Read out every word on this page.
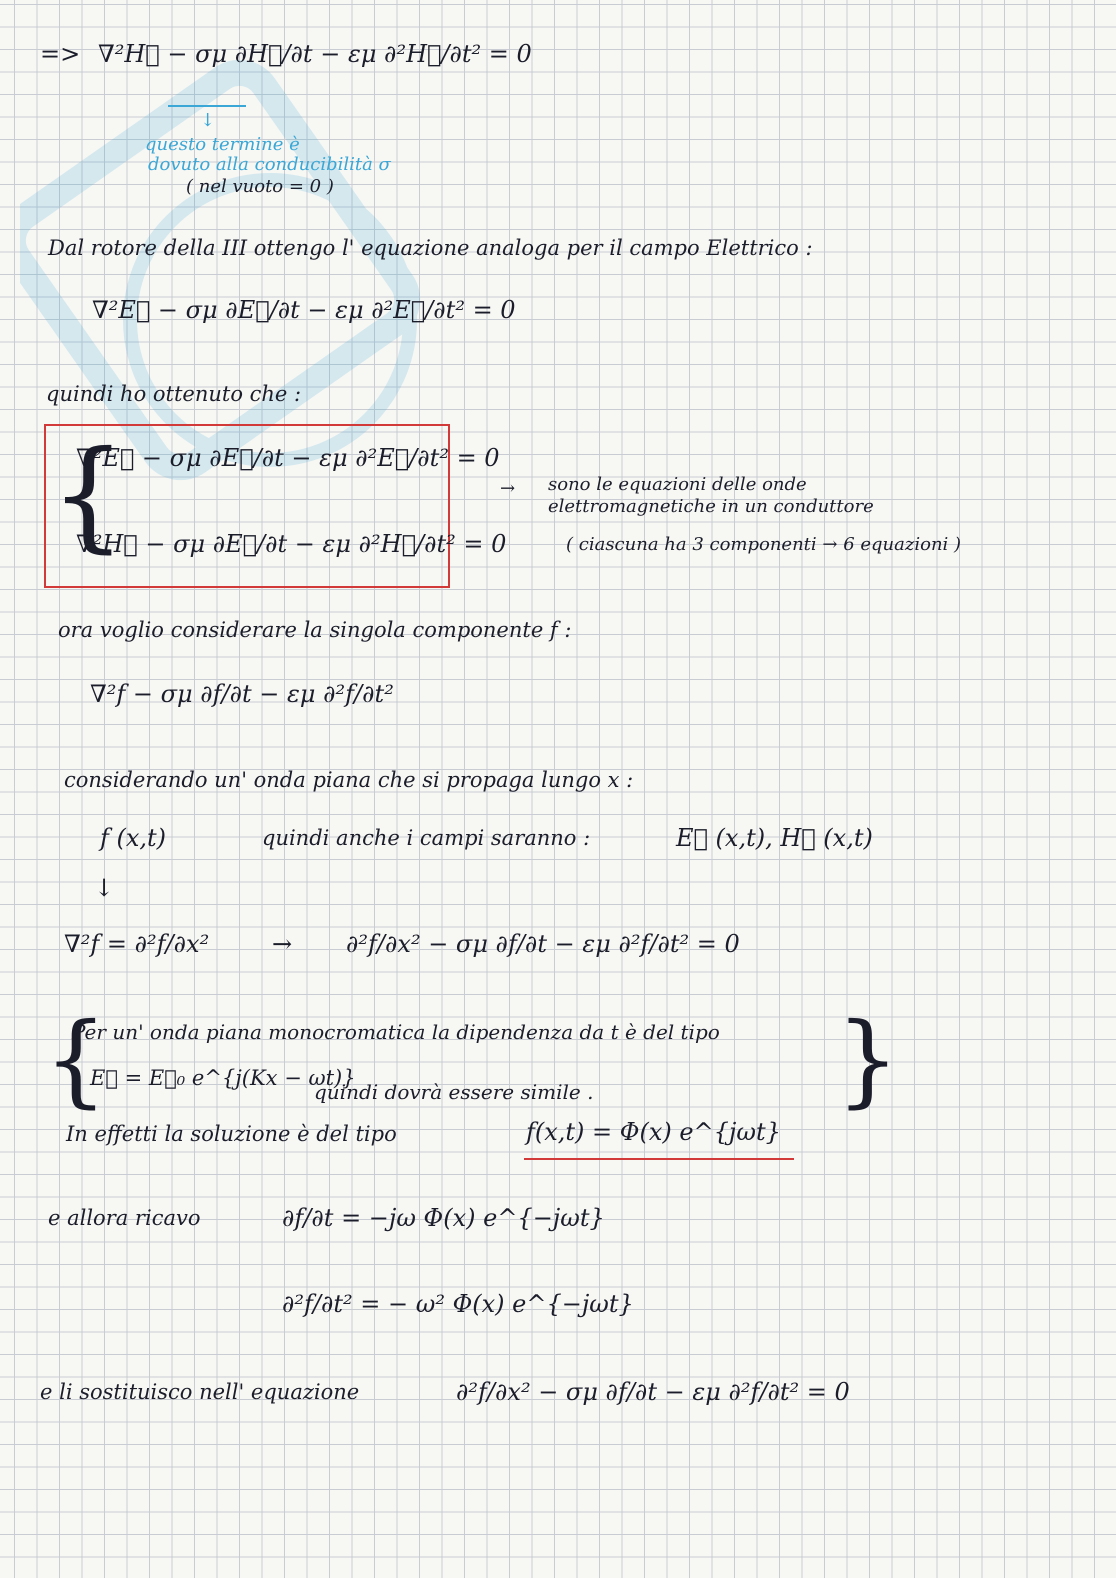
=> ∇²H⃗ − σμ ∂H⃗/∂t − εμ ∂²H⃗/∂t² = 0
↓
questo termine è
dovuto alla conducibilità σ
( nel vuoto = 0 )
Dal rotore della III ottengo l' equazione analoga per il campo Elettrico :
∇²E⃗ − σμ ∂E⃗/∂t − εμ ∂²E⃗/∂t² = 0
quindi ho ottenuto che :
{
∇²E⃗ − σμ ∂E⃗/∂t − εμ ∂²E⃗/∂t² = 0
∇²H⃗ − σμ ∂E⃗/∂t − εμ ∂²H⃗/∂t² = 0
→ sono le equazioni delle onde
elettromagnetiche in un conduttore
( ciascuna ha 3 componenti → 6 equazioni )
ora voglio considerare la singola componente f :
∇²f − σμ ∂f/∂t − εμ ∂²f/∂t²
considerando un' onda piana che si propaga lungo x :
f (x,t)	quindi anche i campi saranno :	E⃗ (x,t), H⃗ (x,t)
↓
∇²f = ∂²f/∂x²	→ ∂²f/∂x² − σμ ∂f/∂t − εμ ∂²f/∂t² = 0
{
Per un' onda piana monocromatica la dipendenza da t è del tipo
E⃗ = E⃗₀ e^{j(Kx − ωt)}
quindi dovrà essere simile . }
In effetti la soluzione è del tipo	f(x,t) = Φ(x) e^{jωt}
e allora ricavo	∂f/∂t = −jω Φ(x) e^{−jωt}
∂²f/∂t² = − ω² Φ(x) e^{−jωt}
e li sostituisco nell' equazione	∂²f/∂x² − σμ ∂f/∂t − εμ ∂²f/∂t² = 0
